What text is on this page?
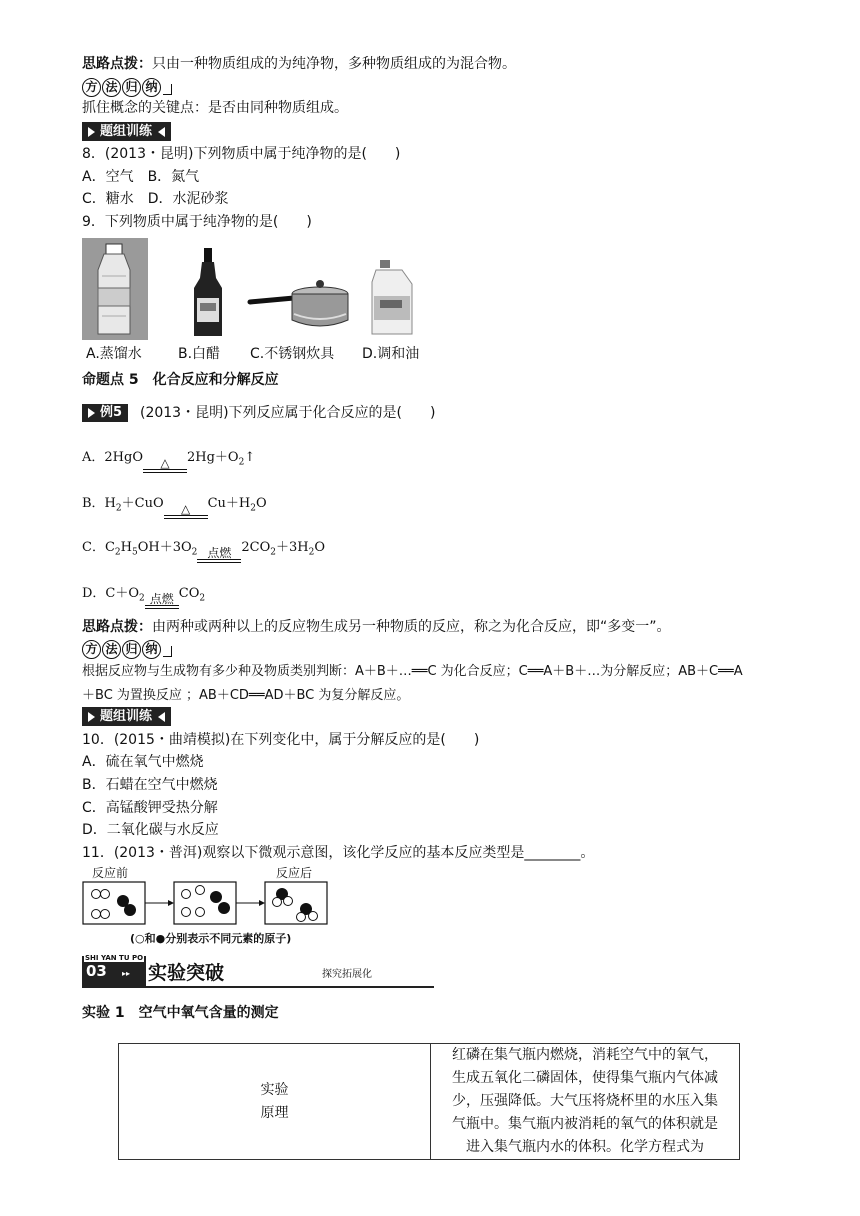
思路点拨：只由一种物质组成的为纯净物，多种物质组成的为混合物。
方 法 归 纳
抓住概念的关键点：是否由同种物质组成。
题组训练
8．(2013・昆明)下列物质中属于纯净物的是(　　)
A．空气　B．氮气
C．糖水　D．水泥砂浆
9．下列物质中属于纯净物的是(　　)
A.蒸馏水	B.白醋 C.不锈钢炊具 D.调和油
命题点 5　化合反应和分解反应
例5 (2013・昆明)下列反应属于化合反应的是(　　)
A．2HgO	△	$2Hg+O_2↑$
B．$H_2+CuO$	△	$Cu+H_2O$
C．$C_2H_5OH+3O_2$ 点燃 $2CO_2+3H_2O$
D．$C+O_2$ 点燃 $CO_2$
思路点拨：由两种或两种以上的反应物生成另一种物质的反应，称之为化合反应，即“多变一”。
方 法 归 纳
根据反应物与生成物有多少种及物质类别判断：A＋B＋…══C 为化合反应；C══A＋B＋…为分解反应；AB＋C══A
＋BC 为置换反应 ；AB＋CD══AD＋BC 为复分解反应。
题组训练
10．(2015・曲靖模拟)在下列变化中，属于分解反应的是(　　)
A．硫在氧气中燃烧
B．石蜡在空气中燃烧
C．高锰酸钾受热分解
D．二氧化碳与水反应
11．(2013・普洱)观察以下微观示意图，该化学反应的基本反应类型是________。
反应前	反应后
(○和●分别表示不同元素的原子)
SHI YAN TU PO
03 ▸▸ 实验突破	探究拓展化
实验 1　空气中氧气含量的测定
实验
原理

红磷在集气瓶内燃烧，消耗空气中的氧气，
生成五氧化二磷固体，使得集气瓶内气体减
少，压强降低。大气压将烧杯里的水压入集
气瓶中。集气瓶内被消耗的氧气的体积就是
进入集气瓶内水的体积。化学方程式为
